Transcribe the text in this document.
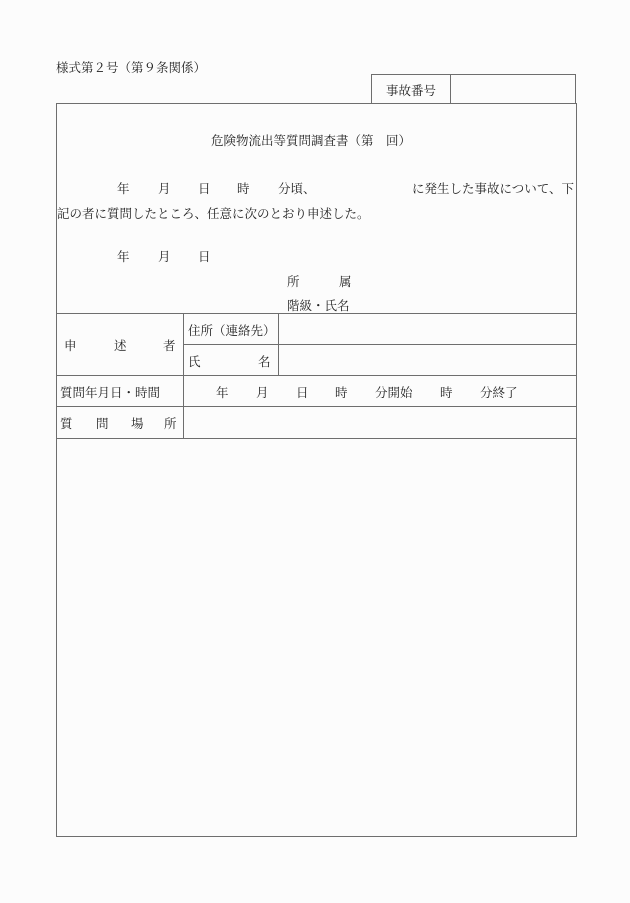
様式第２号（第９条関係）
事故番号
危険物流出等質問調査書（第　回）
年 月 日 時 分頃、	に発生した事故について、下
記の者に質問したところ、任意に次のとおり申述した。
年 月 日
所	属
階級・氏名
申	述	者
住所（連絡先）
氏	名
質問年月日・時間	年 月 日 時 分開始 時 分終了
質 問 場 所
